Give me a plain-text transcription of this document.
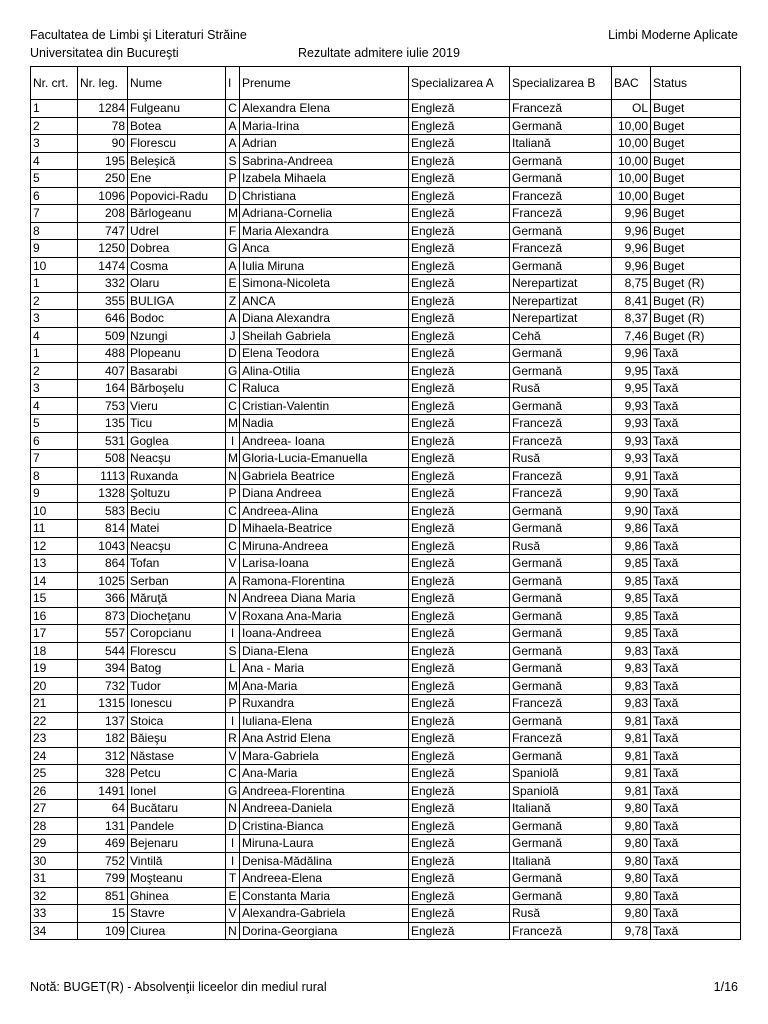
Facultatea de Limbi şi Literaturi Străine
Universitatea din Bucureşti	Rezultate admitere iulie 2019
Limbi Moderne Aplicate
Nr. crt.	Nr. leg.	Nume	I	Prenume	Specializarea A	Specializarea B	BAC	Status
1	1284	Fulgeanu	C	Alexandra Elena	Engleză	Franceză	OL	Buget
2	78	Botea	A	Maria-Irina	Engleză	Germană	10,00	Buget
3	90	Florescu	A	Adrian	Engleză	Italiană	10,00	Buget
4	195	Beleşică	S	Sabrina-Andreea	Engleză	Germană	10,00	Buget
5	250	Ene	P	Izabela Mihaela	Engleză	Germană	10,00	Buget
6	1096	Popovici-Radu	D	Christiana	Engleză	Franceză	10,00	Buget
7	208	Bărlogeanu	M	Adriana-Cornelia	Engleză	Franceză	9,96	Buget
8	747	Udrel	F	Maria Alexandra	Engleză	Germană	9,96	Buget
9	1250	Dobrea	G	Anca	Engleză	Franceză	9,96	Buget
10	1474	Cosma	A	Iulia Miruna	Engleză	Germană	9,96	Buget
1	332	Olaru	E	Simona-Nicoleta	Engleză	Nerepartizat	8,75	Buget (R)
2	355	BULIGA	Z	ANCA	Engleză	Nerepartizat	8,41	Buget (R)
3	646	Bodoc	A	Diana Alexandra	Engleză	Nerepartizat	8,37	Buget (R)
4	509	Nzungi	J	Sheilah Gabriela	Engleză	Cehă	7,46	Buget (R)
1	488	Plopeanu	D	Elena Teodora	Engleză	Germană	9,96	Taxă
2	407	Basarabi	G	Alina-Otilia	Engleză	Germană	9,95	Taxă
3	164	Bărboşelu	C	Raluca	Engleză	Rusă	9,95	Taxă
4	753	Vieru	C	Cristian-Valentin	Engleză	Germană	9,93	Taxă
5	135	Ticu	M	Nadia	Engleză	Franceză	9,93	Taxă
6	531	Goglea	I	Andreea- Ioana	Engleză	Franceză	9,93	Taxă
7	508	Neacşu	M	Gloria-Lucia-Emanuella	Engleză	Rusă	9,93	Taxă
8	1113	Ruxanda	N	Gabriela Beatrice	Engleză	Franceză	9,91	Taxă
9	1328	Şoltuzu	P	Diana Andreea	Engleză	Franceză	9,90	Taxă
10	583	Beciu	C	Andreea-Alina	Engleză	Germană	9,90	Taxă
11	814	Matei	D	Mihaela-Beatrice	Engleză	Germană	9,86	Taxă
12	1043	Neacşu	C	Miruna-Andreea	Engleză	Rusă	9,86	Taxă
13	864	Tofan	V	Larisa-Ioana	Engleză	Germană	9,85	Taxă
14	1025	Serban	A	Ramona-Florentina	Engleză	Germană	9,85	Taxă
15	366	Măruţă	N	Andreea Diana Maria	Engleză	Germană	9,85	Taxă
16	873	Diocheţanu	V	Roxana Ana-Maria	Engleză	Germană	9,85	Taxă
17	557	Coropcianu	I	Ioana-Andreea	Engleză	Germană	9,85	Taxă
18	544	Florescu	S	Diana-Elena	Engleză	Germană	9,83	Taxă
19	394	Batog	L	Ana - Maria	Engleză	Germană	9,83	Taxă
20	732	Tudor	M	Ana-Maria	Engleză	Germană	9,83	Taxă
21	1315	Ionescu	P	Ruxandra	Engleză	Franceză	9,83	Taxă
22	137	Stoica	I	Iuliana-Elena	Engleză	Germană	9,81	Taxă
23	182	Băieşu	R	Ana Astrid Elena	Engleză	Franceză	9,81	Taxă
24	312	Năstase	V	Mara-Gabriela	Engleză	Germană	9,81	Taxă
25	328	Petcu	C	Ana-Maria	Engleză	Spaniolă	9,81	Taxă
26	1491	Ionel	G	Andreea-Florentina	Engleză	Spaniolă	9,81	Taxă
27	64	Bucătaru	N	Andreea-Daniela	Engleză	Italiană	9,80	Taxă
28	131	Pandele	D	Cristina-Bianca	Engleză	Germană	9,80	Taxă
29	469	Bejenaru	I	Miruna-Laura	Engleză	Germană	9,80	Taxă
30	752	Vintilă	I	Denisa-Mădălina	Engleză	Italiană	9,80	Taxă
31	799	Moşteanu	T	Andreea-Elena	Engleză	Germană	9,80	Taxă
32	851	Ghinea	E	Constanta Maria	Engleză	Germană	9,80	Taxă
33	15	Stavre	V	Alexandra-Gabriela	Engleză	Rusă	9,80	Taxă
34	109	Ciurea	N	Dorina-Georgiana	Engleză	Franceză	9,78	Taxă
Notă: BUGET(R) - Absolvenţii liceelor din mediul rural	1/16
